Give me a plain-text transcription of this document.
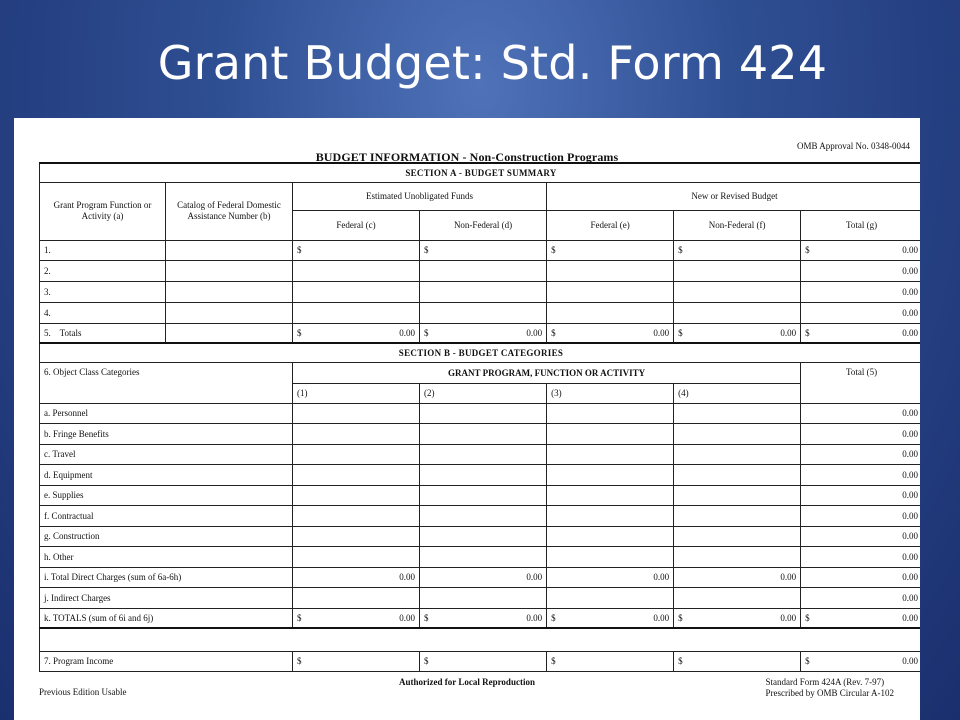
Grant Budget: Std. Form 424
OMB Approval No. 0348-0044
BUDGET INFORMATION - Non-Construction Programs
SECTION A - BUDGET SUMMARY						
Grant Program Function or Activity (a)	Catalog of Federal Domestic Assistance Number (b)	Estimated Unobligated Funds		New or Revised Budget		
		Federal (c)	Non-Federal (d)	Federal (e)	Non-Federal (f)	Total (g)
1.		$	$	$	$	$ 0.00

2.						0.00
3.						0.00
4.						0.00
5.    Totals		$ 0.00	$ 0.00	$ 0.00	$ 0.00	$ 0.00

SECTION B - BUDGET CATEGORIES						
6. Object Class Categories		GRANT PROGRAM, FUNCTION OR ACTIVITY				Total (5)
		(1)	(2)	(3)	(4)	
a. Personnel						0.00
b. Fringe Benefits						0.00
c. Travel						0.00
d. Equipment						0.00
e. Supplies						0.00
f. Contractual						0.00
g. Construction						0.00
h. Other						0.00
i. Total Direct Charges (sum of 6a-6h)		0.00	0.00	0.00	0.00	0.00
j. Indirect Charges						0.00
k. TOTALS (sum of 6i and 6j)		$ 0.00	$ 0.00	$ 0.00	$ 0.00	$ 0.00

7. Program Income		$	$	$	$	$ 0.00
Previous Edition Usable
Authorized for Local Reproduction	Standard Form 424A (Rev. 7-97)
Prescribed by OMB Circular A-102
